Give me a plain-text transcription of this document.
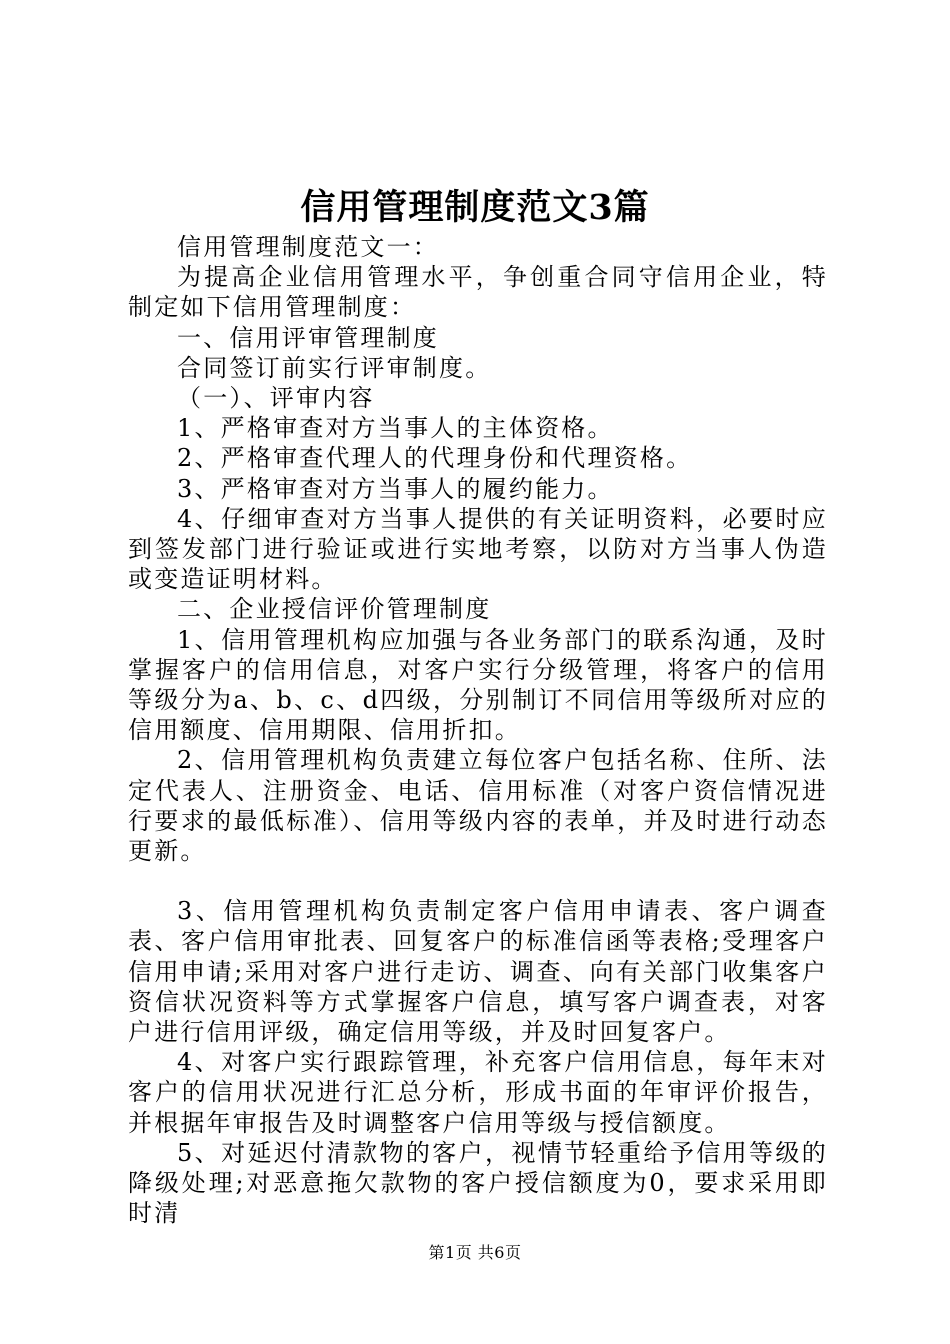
信用管理制度范文3篇

信用管理制度范文一：

为提高企业信用管理水平，争创重合同守信用企业，特制定如下信用管理制度：

一、信用评审管理制度

合同签订前实行评审制度。

（一）、评审内容

1、严格审查对方当事人的主体资格。

2、严格审查代理人的代理身份和代理资格。

3、严格审查对方当事人的履约能力。

4、仔细审查对方当事人提供的有关证明资料，必要时应到签发部门进行验证或进行实地考察，以防对方当事人伪造或变造证明材料。

二、企业授信评价管理制度

1、信用管理机构应加强与各业务部门的联系沟通，及时掌握客户的信用信息，对客户实行分级管理，将客户的信用等级分为a、b、c、d四级，分别制订不同信用等级所对应的信用额度、信用期限、信用折扣。

2、信用管理机构负责建立每位客户包括名称、住所、法定代表人、注册资金、电话、信用标准（对客户资信情况进行要求的最低标准）、信用等级内容的表单，并及时进行动态更新。

3、信用管理机构负责制定客户信用申请表、客户调查表、客户信用审批表、回复客户的标准信函等表格;受理客户信用申请;采用对客户进行走访、调查、向有关部门收集客户资信状况资料等方式掌握客户信息，填写客户调查表，对客户进行信用评级，确定信用等级，并及时回复客户。

4、对客户实行跟踪管理，补充客户信用信息，每年末对客户的信用状况进行汇总分析，形成书面的年审评价报告，并根据年审报告及时调整客户信用等级与授信额度。

5、对延迟付清款物的客户，视情节轻重给予信用等级的降级处理;对恶意拖欠款物的客户授信额度为0，要求采用即时清

第1页 共6页
